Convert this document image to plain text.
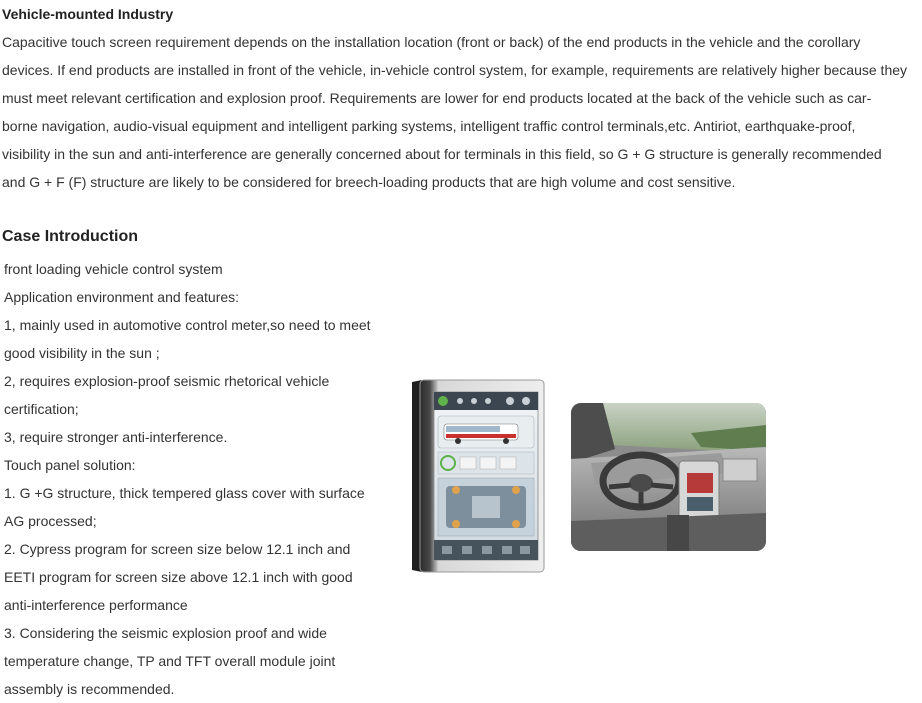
Vehicle-mounted Industry
Capacitive touch screen requirement depends on the installation location (front or back) of the end products in the vehicle and the corollary
devices. If end products are installed in front of the vehicle, in-vehicle control system, for example, requirements are relatively higher because they
must meet relevant certification and explosion proof. Requirements are lower for end products located at the back of the vehicle such as car-
borne navigation, audio-visual equipment and intelligent parking systems, intelligent traffic control terminals,etc. Antiriot, earthquake-proof,
visibility in the sun and anti-interference are generally concerned about for terminals in this field, so G + G structure is generally recommended
and G + F (F) structure are likely to be considered for breech-loading products that are high volume and cost sensitive.
Case Introduction
front loading vehicle control system
Application environment and features:
1, mainly used in automotive control meter,so need to meet
good visibility in the sun ;
2, requires explosion-proof seismic rhetorical vehicle
certification;
3, require stronger anti-interference.
Touch panel solution:
1. G +G structure, thick tempered glass cover with surface
AG processed;
2. Cypress program for screen size below 12.1 inch and
EETI program for screen size above 12.1 inch with good
anti-interference performance
3. Considering the seismic explosion proof and wide
temperature change, TP and TFT overall module joint
assembly is recommended.
